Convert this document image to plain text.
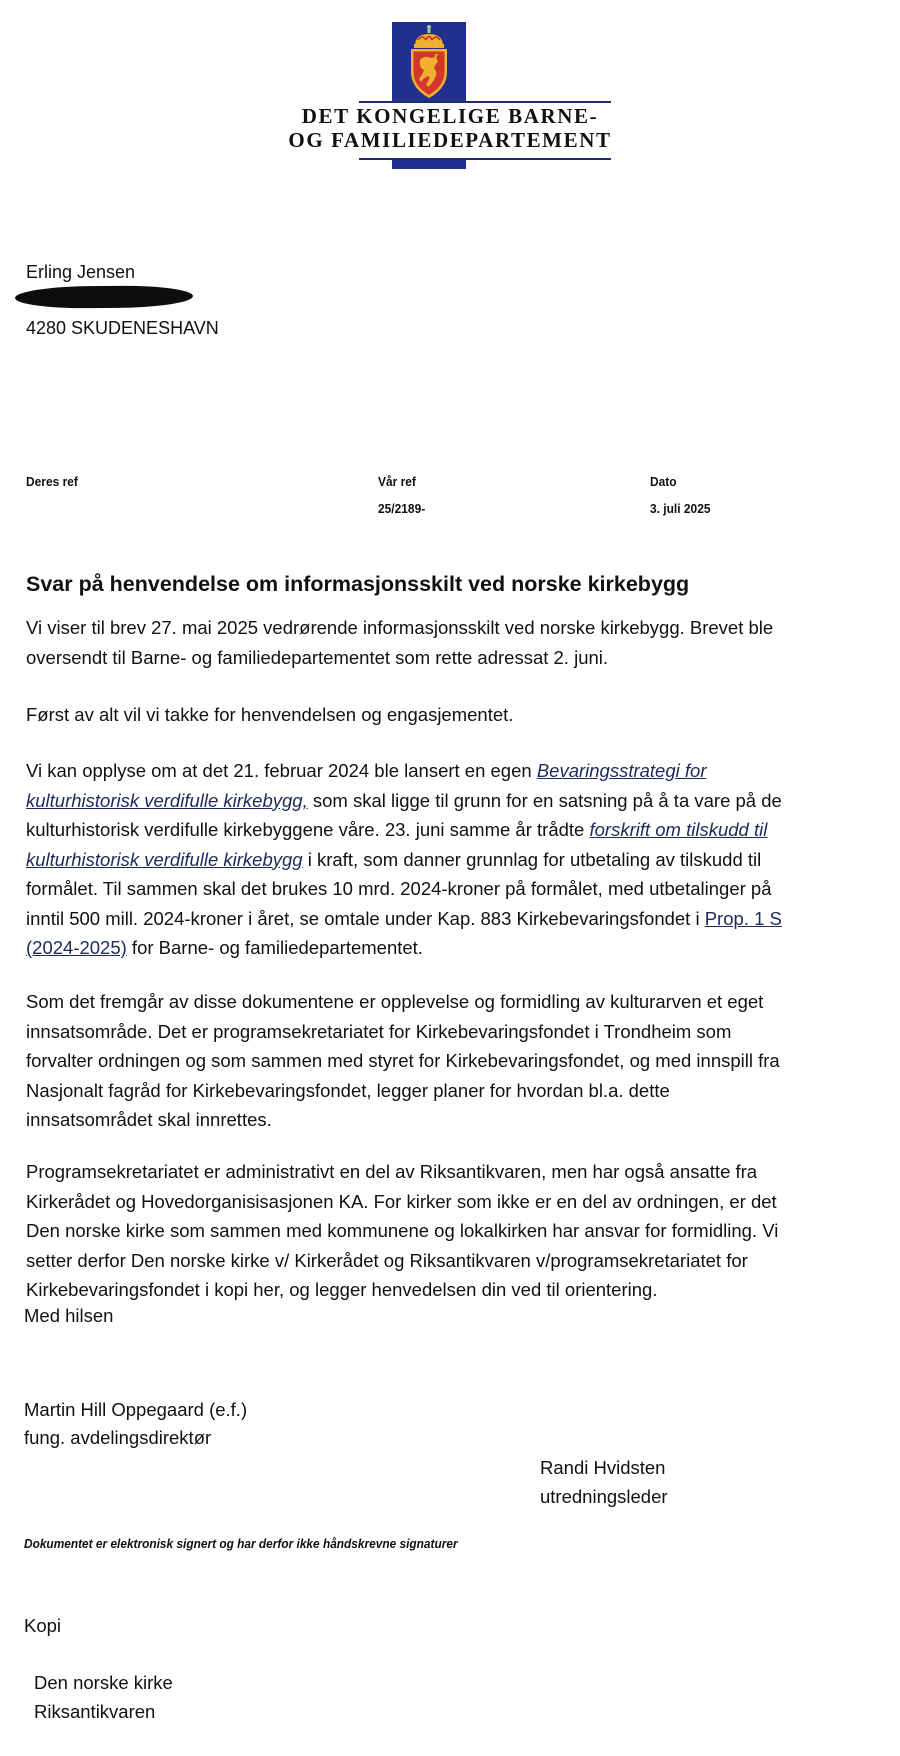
DET KONGELIGE BARNE-
OG FAMILIEDEPARTEMENT
Erling Jensen
4280 SKUDENESHAVN
Deres ref	Vår ref
25/2189-
Dato
3. juli 2025
Svar på henvendelse om informasjonsskilt ved norske kirkebygg
Vi viser til brev 27. mai 2025 vedrørende informasjonsskilt ved norske kirkebygg. Brevet ble
oversendt til Barne- og familiedepartementet som rette adressat 2. juni.
Først av alt vil vi takke for henvendelsen og engasjementet.
Vi kan opplyse om at det 21. februar 2024 ble lansert en egen Bevaringsstrategi for
kulturhistorisk verdifulle kirkebygg, som skal ligge til grunn for en satsning på å ta vare på de
kulturhistorisk verdifulle kirkebyggene våre. 23. juni samme år trådte forskrift om tilskudd til
kulturhistorisk verdifulle kirkebygg i kraft, som danner grunnlag for utbetaling av tilskudd til
formålet. Til sammen skal det brukes 10 mrd. 2024-kroner på formålet, med utbetalinger på
inntil 500 mill. 2024-kroner i året, se omtale under Kap. 883 Kirkebevaringsfondet i Prop. 1 S
(2024-2025) for Barne- og familiedepartementet.
Som det fremgår av disse dokumentene er opplevelse og formidling av kulturarven et eget
innsatsområde. Det er programsekretariatet for Kirkebevaringsfondet i Trondheim som
forvalter ordningen og som sammen med styret for Kirkebevaringsfondet, og med innspill fra
Nasjonalt fagråd for Kirkebevaringsfondet, legger planer for hvordan bl.a. dette
innsatsområdet skal innrettes.
Programsekretariatet er administrativt en del av Riksantikvaren, men har også ansatte fra
Kirkerådet og Hovedorganisisasjonen KA. For kirker som ikke er en del av ordningen, er det
Den norske kirke som sammen med kommunene og lokalkirken har ansvar for formidling. Vi
setter derfor Den norske kirke v/ Kirkerådet og Riksantikvaren v/programsekretariatet for
Kirkebevaringsfondet i kopi her, og legger henvedelsen din ved til orientering.
Med hilsen
Martin Hill Oppegaard (e.f.)
fung. avdelingsdirektør
Randi Hvidsten
utredningsleder
Dokumentet er elektronisk signert og har derfor ikke håndskrevne signaturer
Kopi
Den norske kirke
Riksantikvaren
